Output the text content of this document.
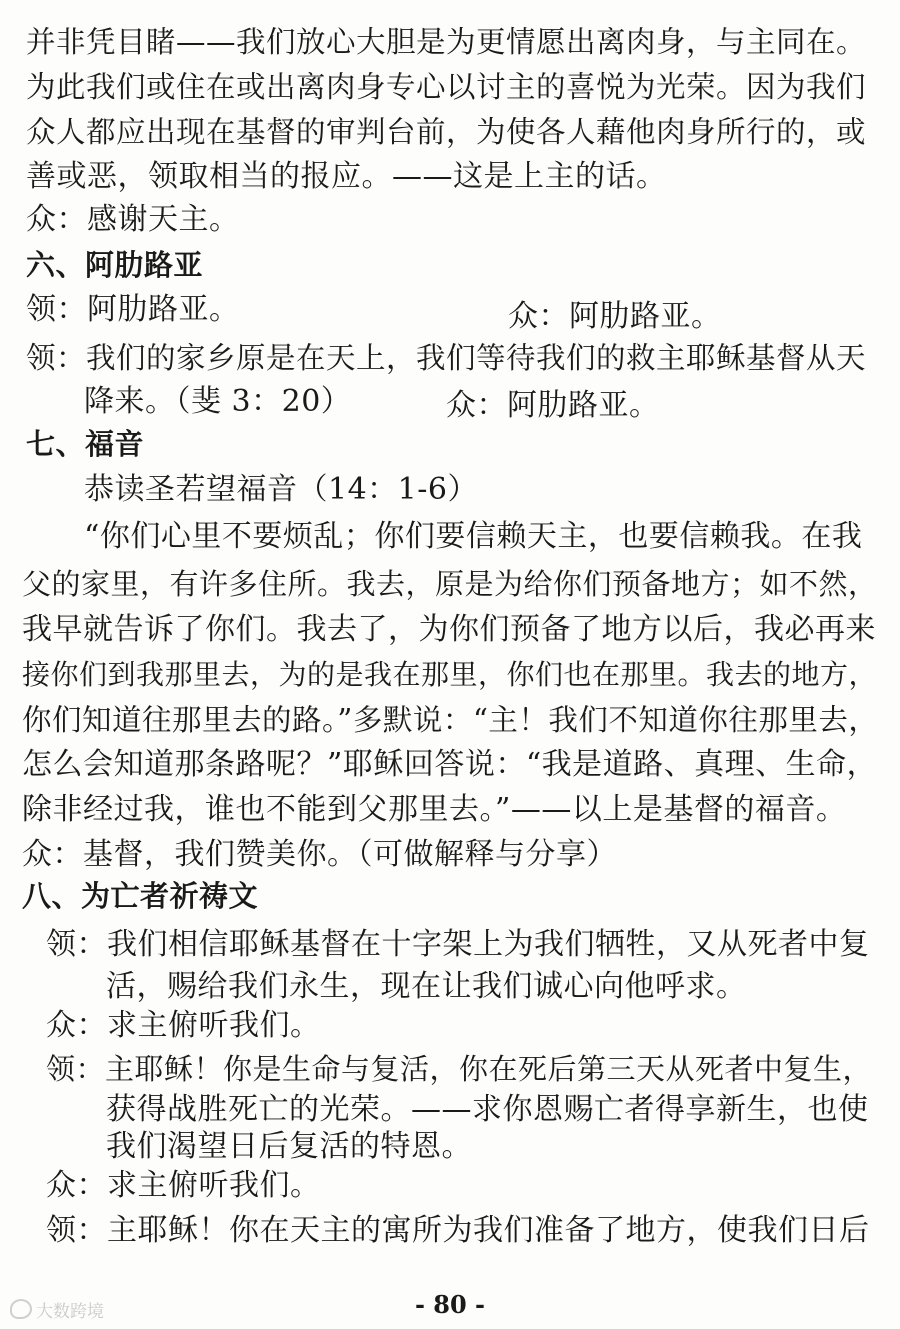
并非凭目睹——我们放心大胆是为更情愿出离肉身，与主同在。
为此我们或住在或出离肉身专心以讨主的喜悦为光荣。因为我们
众人都应出现在基督的审判台前，为使各人藉他肉身所行的，或
善或恶，领取相当的报应。——这是上主的话。
众：感谢天主。
六、阿肋路亚
领：阿肋路亚。	众：阿肋路亚。
领：我们的家乡原是在天上，我们等待我们的救主耶稣基督从天
降来。（斐 3：20）	众：阿肋路亚。
七、福音
恭读圣若望福音（14：1-6）
“你们心里不要烦乱；你们要信赖天主，也要信赖我。在我
父的家里，有许多住所。我去，原是为给你们预备地方；如不然，
我早就告诉了你们。我去了，为你们预备了地方以后，我必再来
接你们到我那里去，为的是我在那里，你们也在那里。我去的地方，
你们知道往那里去的路。”多默说：“主！我们不知道你往那里去，
怎么会知道那条路呢？”耶稣回答说：“我是道路、真理、生命，
除非经过我，谁也不能到父那里去。”——以上是基督的福音。
众：基督，我们赞美你。（可做解释与分享）
八、为亡者祈祷文
领：我们相信耶稣基督在十字架上为我们牺牲，又从死者中复
活，赐给我们永生，现在让我们诚心向他呼求。
众：求主俯听我们。
领：主耶稣！你是生命与复活，你在死后第三天从死者中复生，
获得战胜死亡的光荣。——求你恩赐亡者得享新生，也使
我们渴望日后复活的特恩。
众：求主俯听我们。
领：主耶稣！你在天主的寓所为我们准备了地方，使我们日后
- 80 -
大数跨境
